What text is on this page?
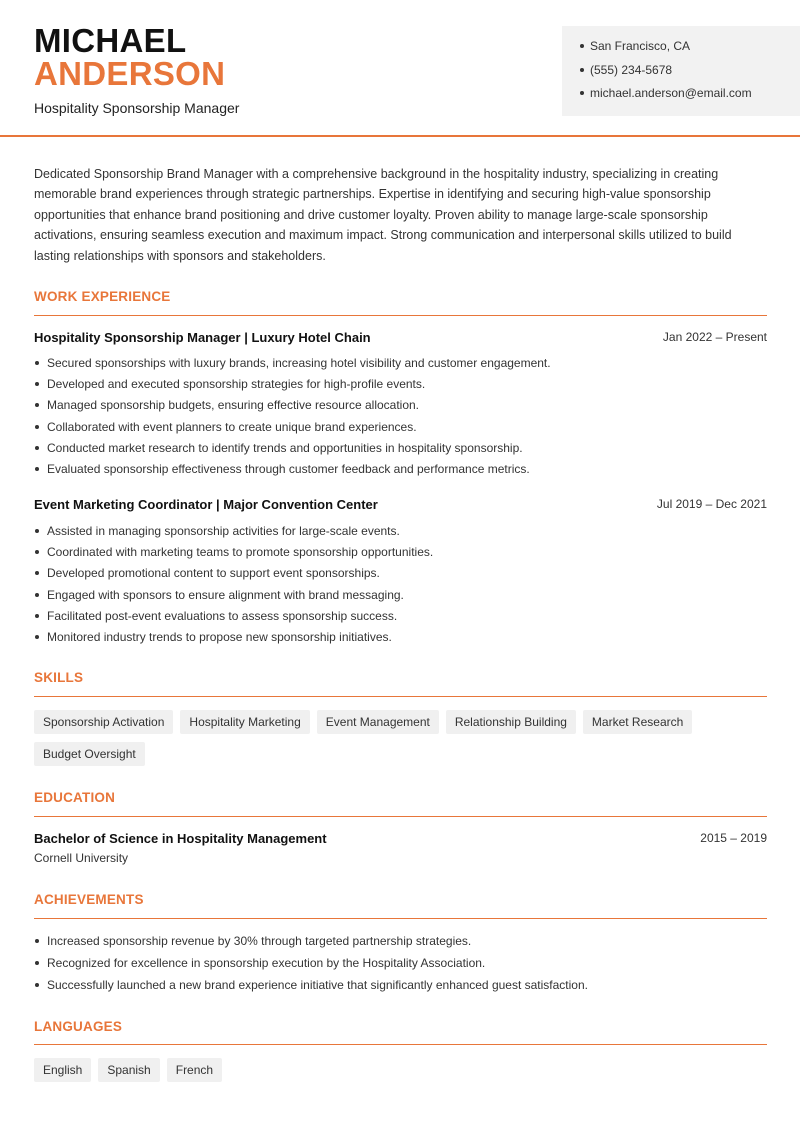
MICHAEL
ANDERSON
Hospitality Sponsorship Manager
San Francisco, CA
(555) 234-5678
michael.anderson@email.com

Dedicated Sponsorship Brand Manager with a comprehensive background in the hospitality industry, specializing in creating memorable brand experiences through strategic partnerships. Expertise in identifying and securing high-value sponsorship opportunities that enhance brand positioning and drive customer loyalty. Proven ability to manage large-scale sponsorship activations, ensuring seamless execution and maximum impact. Strong communication and interpersonal skills utilized to build lasting relationships with sponsors and stakeholders.

WORK EXPERIENCE
Hospitality Sponsorship Manager | Luxury Hotel Chain	Jan 2022 – Present
Secured sponsorships with luxury brands, increasing hotel visibility and customer engagement.
Developed and executed sponsorship strategies for high-profile events.
Managed sponsorship budgets, ensuring effective resource allocation.
Collaborated with event planners to create unique brand experiences.
Conducted market research to identify trends and opportunities in hospitality sponsorship.
Evaluated sponsorship effectiveness through customer feedback and performance metrics.
Event Marketing Coordinator | Major Convention Center	Jul 2019 – Dec 2021
Assisted in managing sponsorship activities for large-scale events.
Coordinated with marketing teams to promote sponsorship opportunities.
Developed promotional content to support event sponsorships.
Engaged with sponsors to ensure alignment with brand messaging.
Facilitated post-event evaluations to assess sponsorship success.
Monitored industry trends to propose new sponsorship initiatives.
SKILLS
Sponsorship Activation	Hospitality Marketing	Event Management	Relationship Building	Market Research
Budget Oversight
EDUCATION
Bachelor of Science in Hospitality Management	2015 – 2019
Cornell University
ACHIEVEMENTS
Increased sponsorship revenue by 30% through targeted partnership strategies.
Recognized for excellence in sponsorship execution by the Hospitality Association.
Successfully launched a new brand experience initiative that significantly enhanced guest satisfaction.
LANGUAGES
English	Spanish	French
